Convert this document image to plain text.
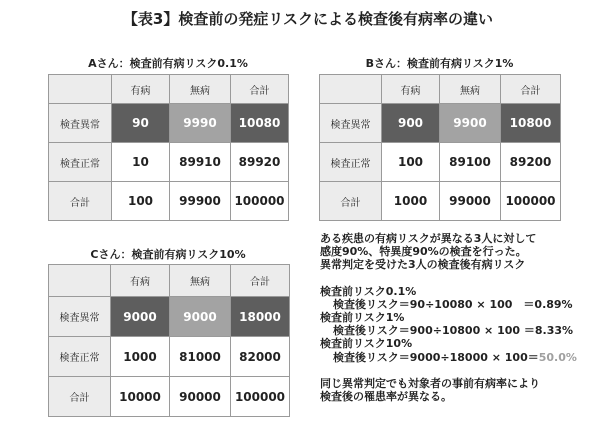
【表3】検査前の発症リスクによる検査後有病率の違い
Aさん：検査前有病リスク0.1%
	有病	無病	合計
検査異常	90	9990	10080
検査正常	10	89910	89920
合計	100	99900	100000
Bさん：検査前有病リスク1%
	有病	無病	合計
検査異常	900	9900	10800
検査正常	100	89100	89200
合計	1000	99000	100000
Cさん：検査前有病リスク10%
	有病	無病	合計
検査異常	9000	9000	18000
検査正常	1000	81000	82000
合計	10000	90000	100000
ある疾患の有病リスクが異なる3人に対して
感度90%、特異度90%の検査を行った。
異常判定を受けた3人の検査後有病リスク
検査前リスク0.1%
検査後リスク＝90÷10080 × 100　＝0.89%
検査前リスク1%
検査後リスク＝900÷10800 × 100 ＝8.33%
検査前リスク10%
検査後リスク＝9000÷18000 × 100＝50.0%
同じ異常判定でも対象者の事前有病率により
検査後の罹患率が異なる。
